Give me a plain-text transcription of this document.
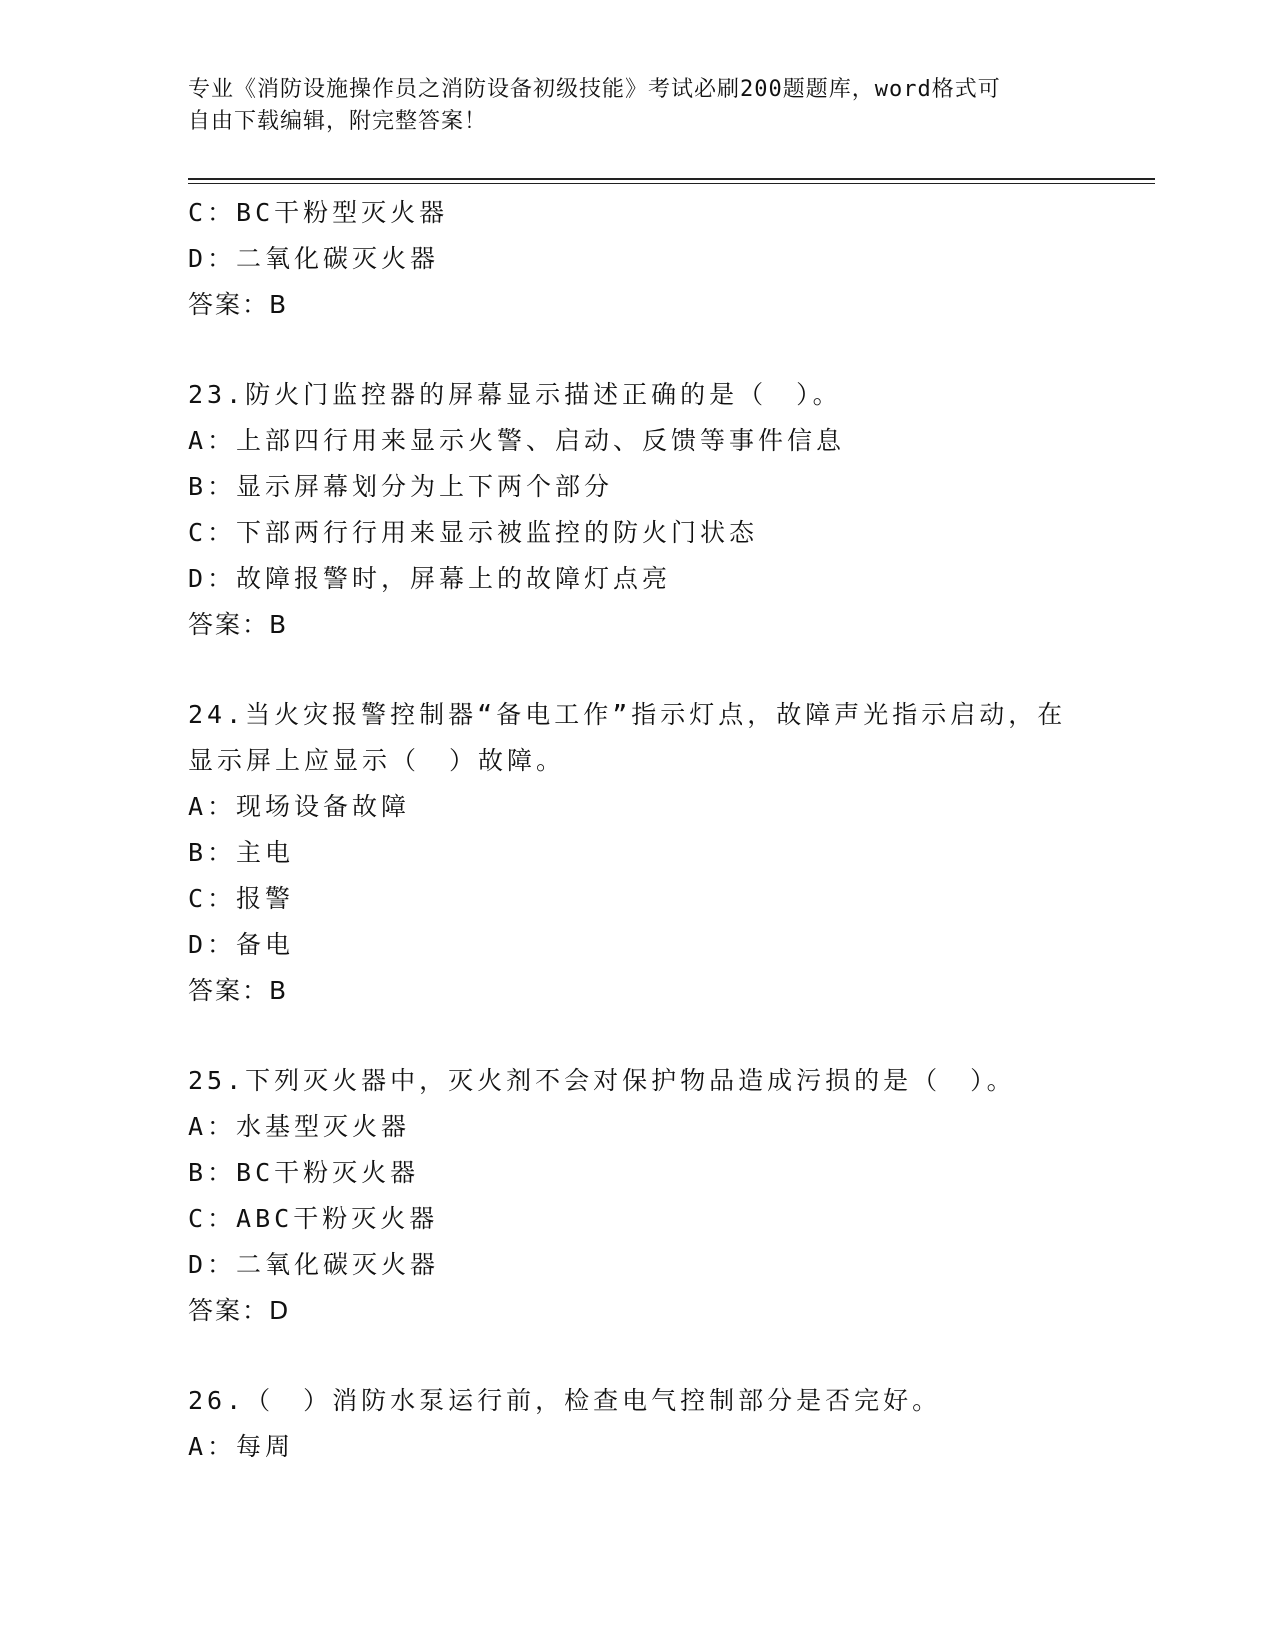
专业《消防设施操作员之消防设备初级技能》考试必刷200题题库，word格式可
自由下载编辑，附完整答案！
C：BC干粉型灭火器
D：二氧化碳灭火器
答案：B
23.防火门监控器的屏幕显示描述正确的是（　）。
A：上部四行用来显示火警、启动、反馈等事件信息
B：显示屏幕划分为上下两个部分
C：下部两行行用来显示被监控的防火门状态
D：故障报警时，屏幕上的故障灯点亮
答案：B
24.当火灾报警控制器“备电工作”指示灯点，故障声光指示启动，在
显示屏上应显示（　）故障。
A：现场设备故障
B：主电
C：报警
D：备电
答案：B
25.下列灭火器中，灭火剂不会对保护物品造成污损的是（　）。
A：水基型灭火器
B：BC干粉灭火器
C：ABC干粉灭火器
D：二氧化碳灭火器
答案：D
26.（　）消防水泵运行前，检查电气控制部分是否完好。
A：每周
